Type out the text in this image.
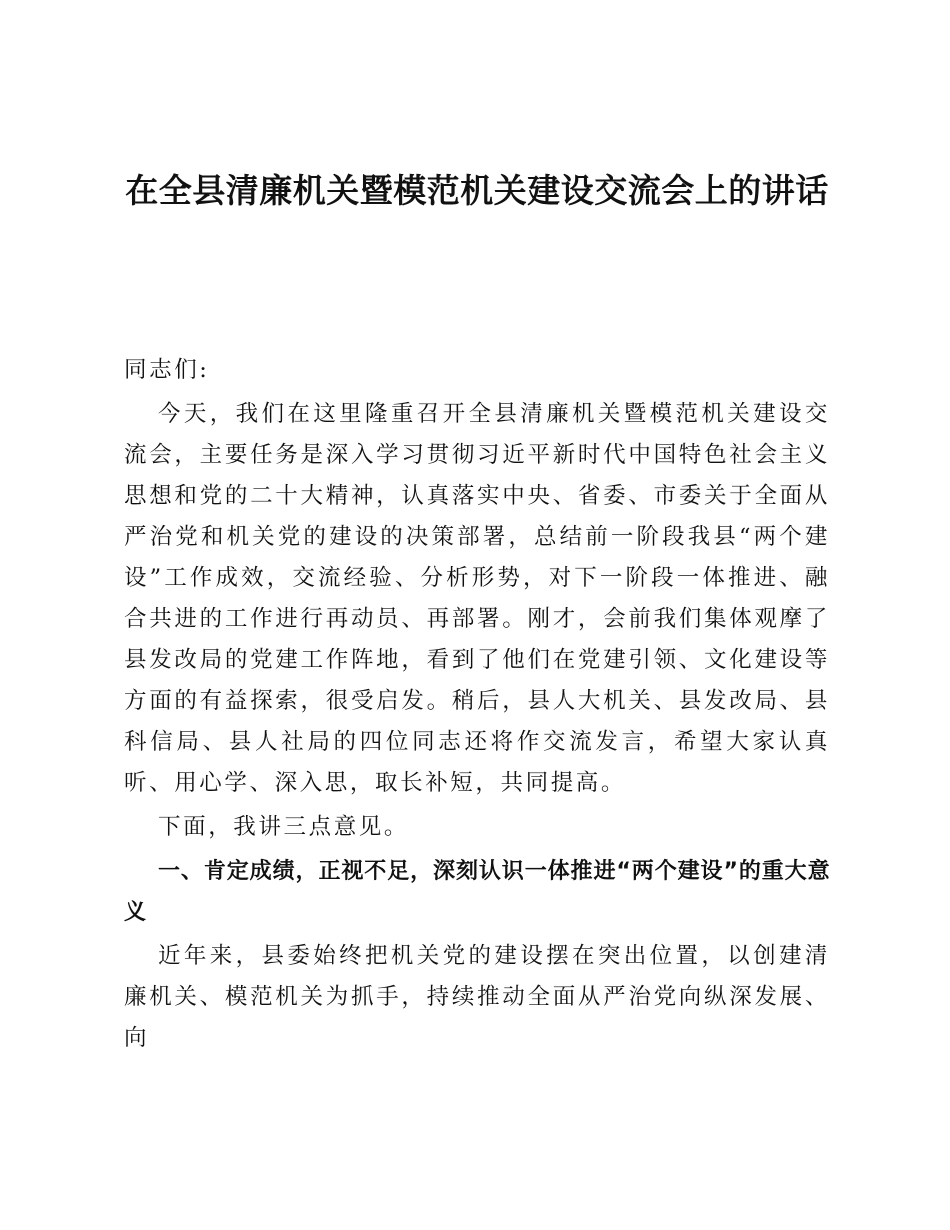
在全县清廉机关暨模范机关建设交流会上的讲话

同志们:

今天，我们在这里隆重召开全县清廉机关暨模范机关建设交流会，主要任务是深入学习贯彻习近平新时代中国特色社会主义思想和党的二十大精神，认真落实中央、省委、市委关于全面从严治党和机关党的建设的决策部署，总结前一阶段我县“两个建设”工作成效，交流经验、分析形势，对下一阶段一体推进、融合共进的工作进行再动员、再部署。刚才，会前我们集体观摩了县发改局的党建工作阵地，看到了他们在党建引领、文化建设等方面的有益探索，很受启发。稍后，县人大机关、县发改局、县科信局、县人社局的四位同志还将作交流发言，希望大家认真听、用心学、深入思，取长补短，共同提高。

下面，我讲三点意见。

一、肯定成绩，正视不足，深刻认识一体推进“两个建设”的重大意义

近年来，县委始终把机关党的建设摆在突出位置，以创建清廉机关、模范机关为抓手，持续推动全面从严治党向纵深发展、向
